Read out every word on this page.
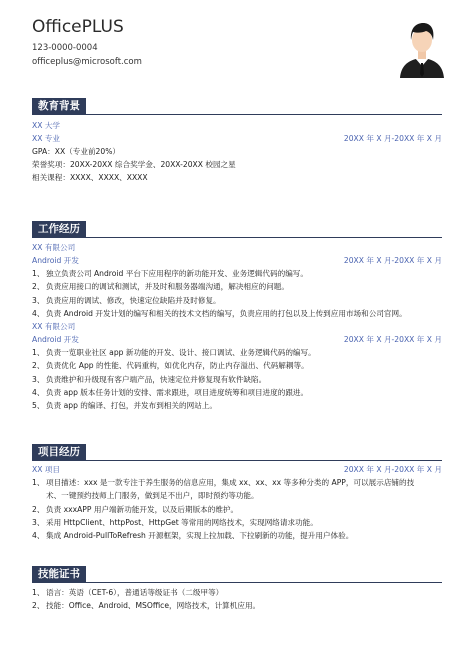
OfficePLUS
123-0000-0004
officeplus@microsoft.com
教育背景
XX 大学
XX 专业	20XX 年 X 月-20XX 年 X 月
GPA：XX（专业前20%）
荣誉奖项：20XX-20XX 综合奖学金、20XX-20XX 校园之星
相关课程：XXXX、XXXX、XXXX
工作经历
XX 有限公司
Android 开发	20XX 年 X 月-20XX 年 X 月
1、 独立负责公司 Android 平台下应用程序的新功能开发、业务逻辑代码的编写。
2、 负责应用接口的调试和测试，并及时和服务器端沟通，解决相应的问题。
3、 负责应用的调试、修改，快速定位缺陷并及时修复。
4、 负责 Android 开发计划的编写和相关的技术文档的编写，负责应用的打包以及上传到应用市场和公司官网。
XX 有限公司
Android 开发	20XX 年 X 月-20XX 年 X 月
1、 负责一览职业社区 app 新功能的开发、设计、接口调试、业务逻辑代码的编写。
2、 负责优化 App 的性能、代码重构，如优化内存，防止内存溢出、代码解耦等。
3、 负责维护和升级现有客户端产品，快速定位并修复现有软件缺陷。
4、 负责 app 版本任务计划的安排、需求跟进，项目进度统筹和项目进度的跟进。
5、 负责 app 的编译、打包，并发布到相关的网站上。
项目经历
XX 项目	20XX 年 X 月-20XX 年 X 月
1、 项目描述：xxx 是一款专注于养生服务的信息应用，集成 xx、xx、xx 等多种分类的 APP，可以展示店铺的技
术、一键预约技师上门服务，做到足不出户，即时预约等功能。
2、 负责 xxxAPP 用户端新功能开发，以及后期版本的维护。
3、 采用 HttpClient、httpPost、HttpGet 等常用的网络技术，实现网络请求功能。
4、 集成 Android-PullToRefresh 开源框架，实现上拉加载、下拉刷新的功能，提升用户体验。
技能证书
1、 语言：英语（CET-6），普通话等级证书（二级甲等）
2、 技能：Office、Android、MSOffice，网络技术，计算机应用。
